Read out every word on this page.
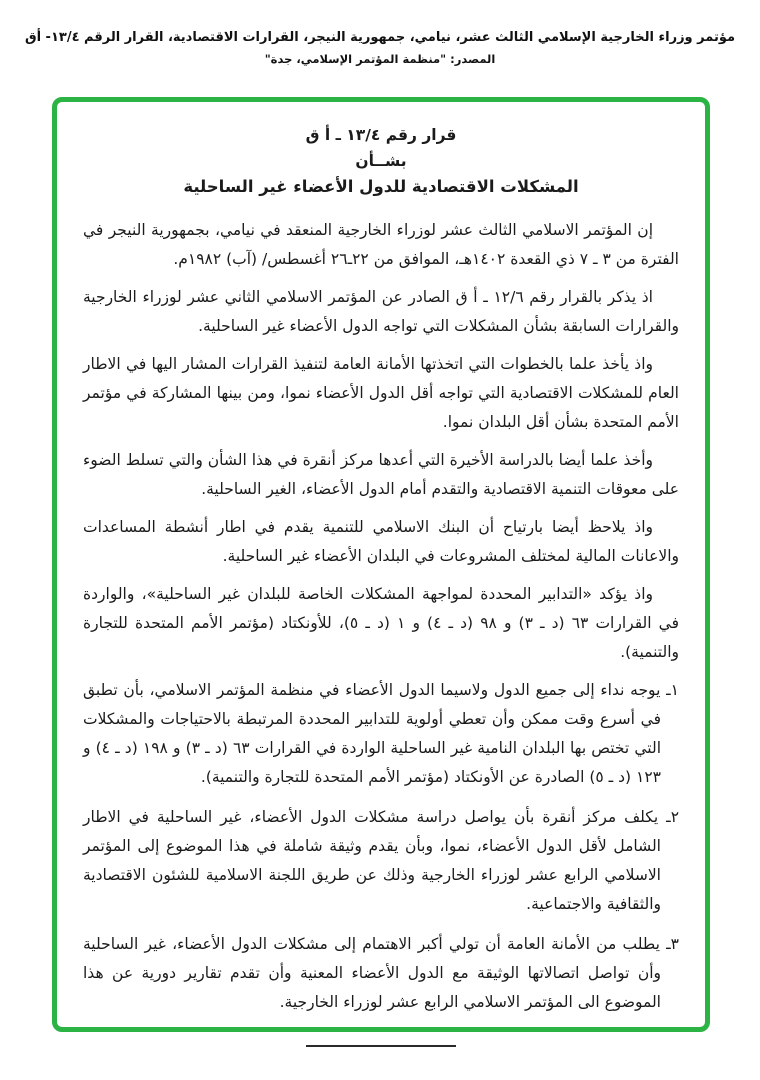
مؤتمر وزراء الخارجية الإسلامي الثالث عشر، نيامي، جمهورية النيجر، القرارات الاقتصادية، القرار الرقم ١٣/٤- أق
المصدر: "منظمة المؤتمر الإسلامي، جدة"
قرار رقم ١٣/٤ ـ أ ق
بشــأن
المشكلات الاقتصادية للدول الأعضاء غير الساحلية

إن المؤتمر الاسلامي الثالث عشر لوزراء الخارجية المنعقد في نيامي، بجمهورية النيجر في الفترة من ٣ ـ ٧ ذي القعدة ١٤٠٢هـ، الموافق من ٢٢ـ٢٦ أغسطس/ (آب) ١٩٨٢م.

اذ يذكر بالقرار رقم ١٢/٦ ـ أ ق الصادر عن المؤتمر الاسلامي الثاني عشر لوزراء الخارجية والقرارات السابقة بشأن المشكلات التي تواجه الدول الأعضاء غير الساحلية.

واذ يأخذ علما بالخطوات التي اتخذتها الأمانة العامة لتنفيذ القرارات المشار اليها في الاطار العام للمشكلات الاقتصادية التي تواجه أقل الدول الأعضاء نموا، ومن بينها المشاركة في مؤتمر الأمم المتحدة بشأن أقل البلدان نموا.

وأخذ علما أيضا بالدراسة الأخيرة التي أعدها مركز أنقرة في هذا الشأن والتي تسلط الضوء على معوقات التنمية الاقتصادية والتقدم أمام الدول الأعضاء، الغير الساحلية.

واذ يلاحظ أيضا بارتياح أن البنك الاسلامي للتنمية يقدم في اطار أنشطة المساعدات والاعانات المالية لمختلف المشروعات في البلدان الأعضاء غير الساحلية.

واذ يؤكد «التدابير المحددة لمواجهة المشكلات الخاصة للبلدان غير الساحلية»، والواردة في القرارات ٦٣ (د ـ ٣) و ٩٨ (د ـ ٤) و ١ (د ـ ٥)، للأونكتاد (مؤتمر الأمم المتحدة للتجارة والتنمية).

١ـ يوجه نداء إلى جميع الدول ولاسيما الدول الأعضاء في منظمة المؤتمر الاسلامي، بأن تطبق في أسرع وقت ممكن وأن تعطي أولوية للتدابير المحددة المرتبطة بالاحتياجات والمشكلات التي تختص بها البلدان النامية غير الساحلية الواردة في القرارات ٦٣ (د ـ ٣) و ١٩٨ (د ـ ٤) و ١٢٣ (د ـ ٥) الصادرة عن الأونكتاد (مؤتمر الأمم المتحدة للتجارة والتنمية).

٢ـ يكلف مركز أنقرة بأن يواصل دراسة مشكلات الدول الأعضاء، غير الساحلية في الاطار الشامل لأقل الدول الأعضاء، نموا، وبأن يقدم وثيقة شاملة في هذا الموضوع إلى المؤتمر الاسلامي الرابع عشر لوزراء الخارجية وذلك عن طريق اللجنة الاسلامية للشئون الاقتصادية والثقافية والاجتماعية.

٣ـ يطلب من الأمانة العامة أن تولي أكبر الاهتمام إلى مشكلات الدول الأعضاء، غير الساحلية وأن تواصل اتصالاتها الوثيقة مع الدول الأعضاء المعنية وأن تقدم تقارير دورية عن هذا الموضوع الى المؤتمر الاسلامي الرابع عشر لوزراء الخارجية.
